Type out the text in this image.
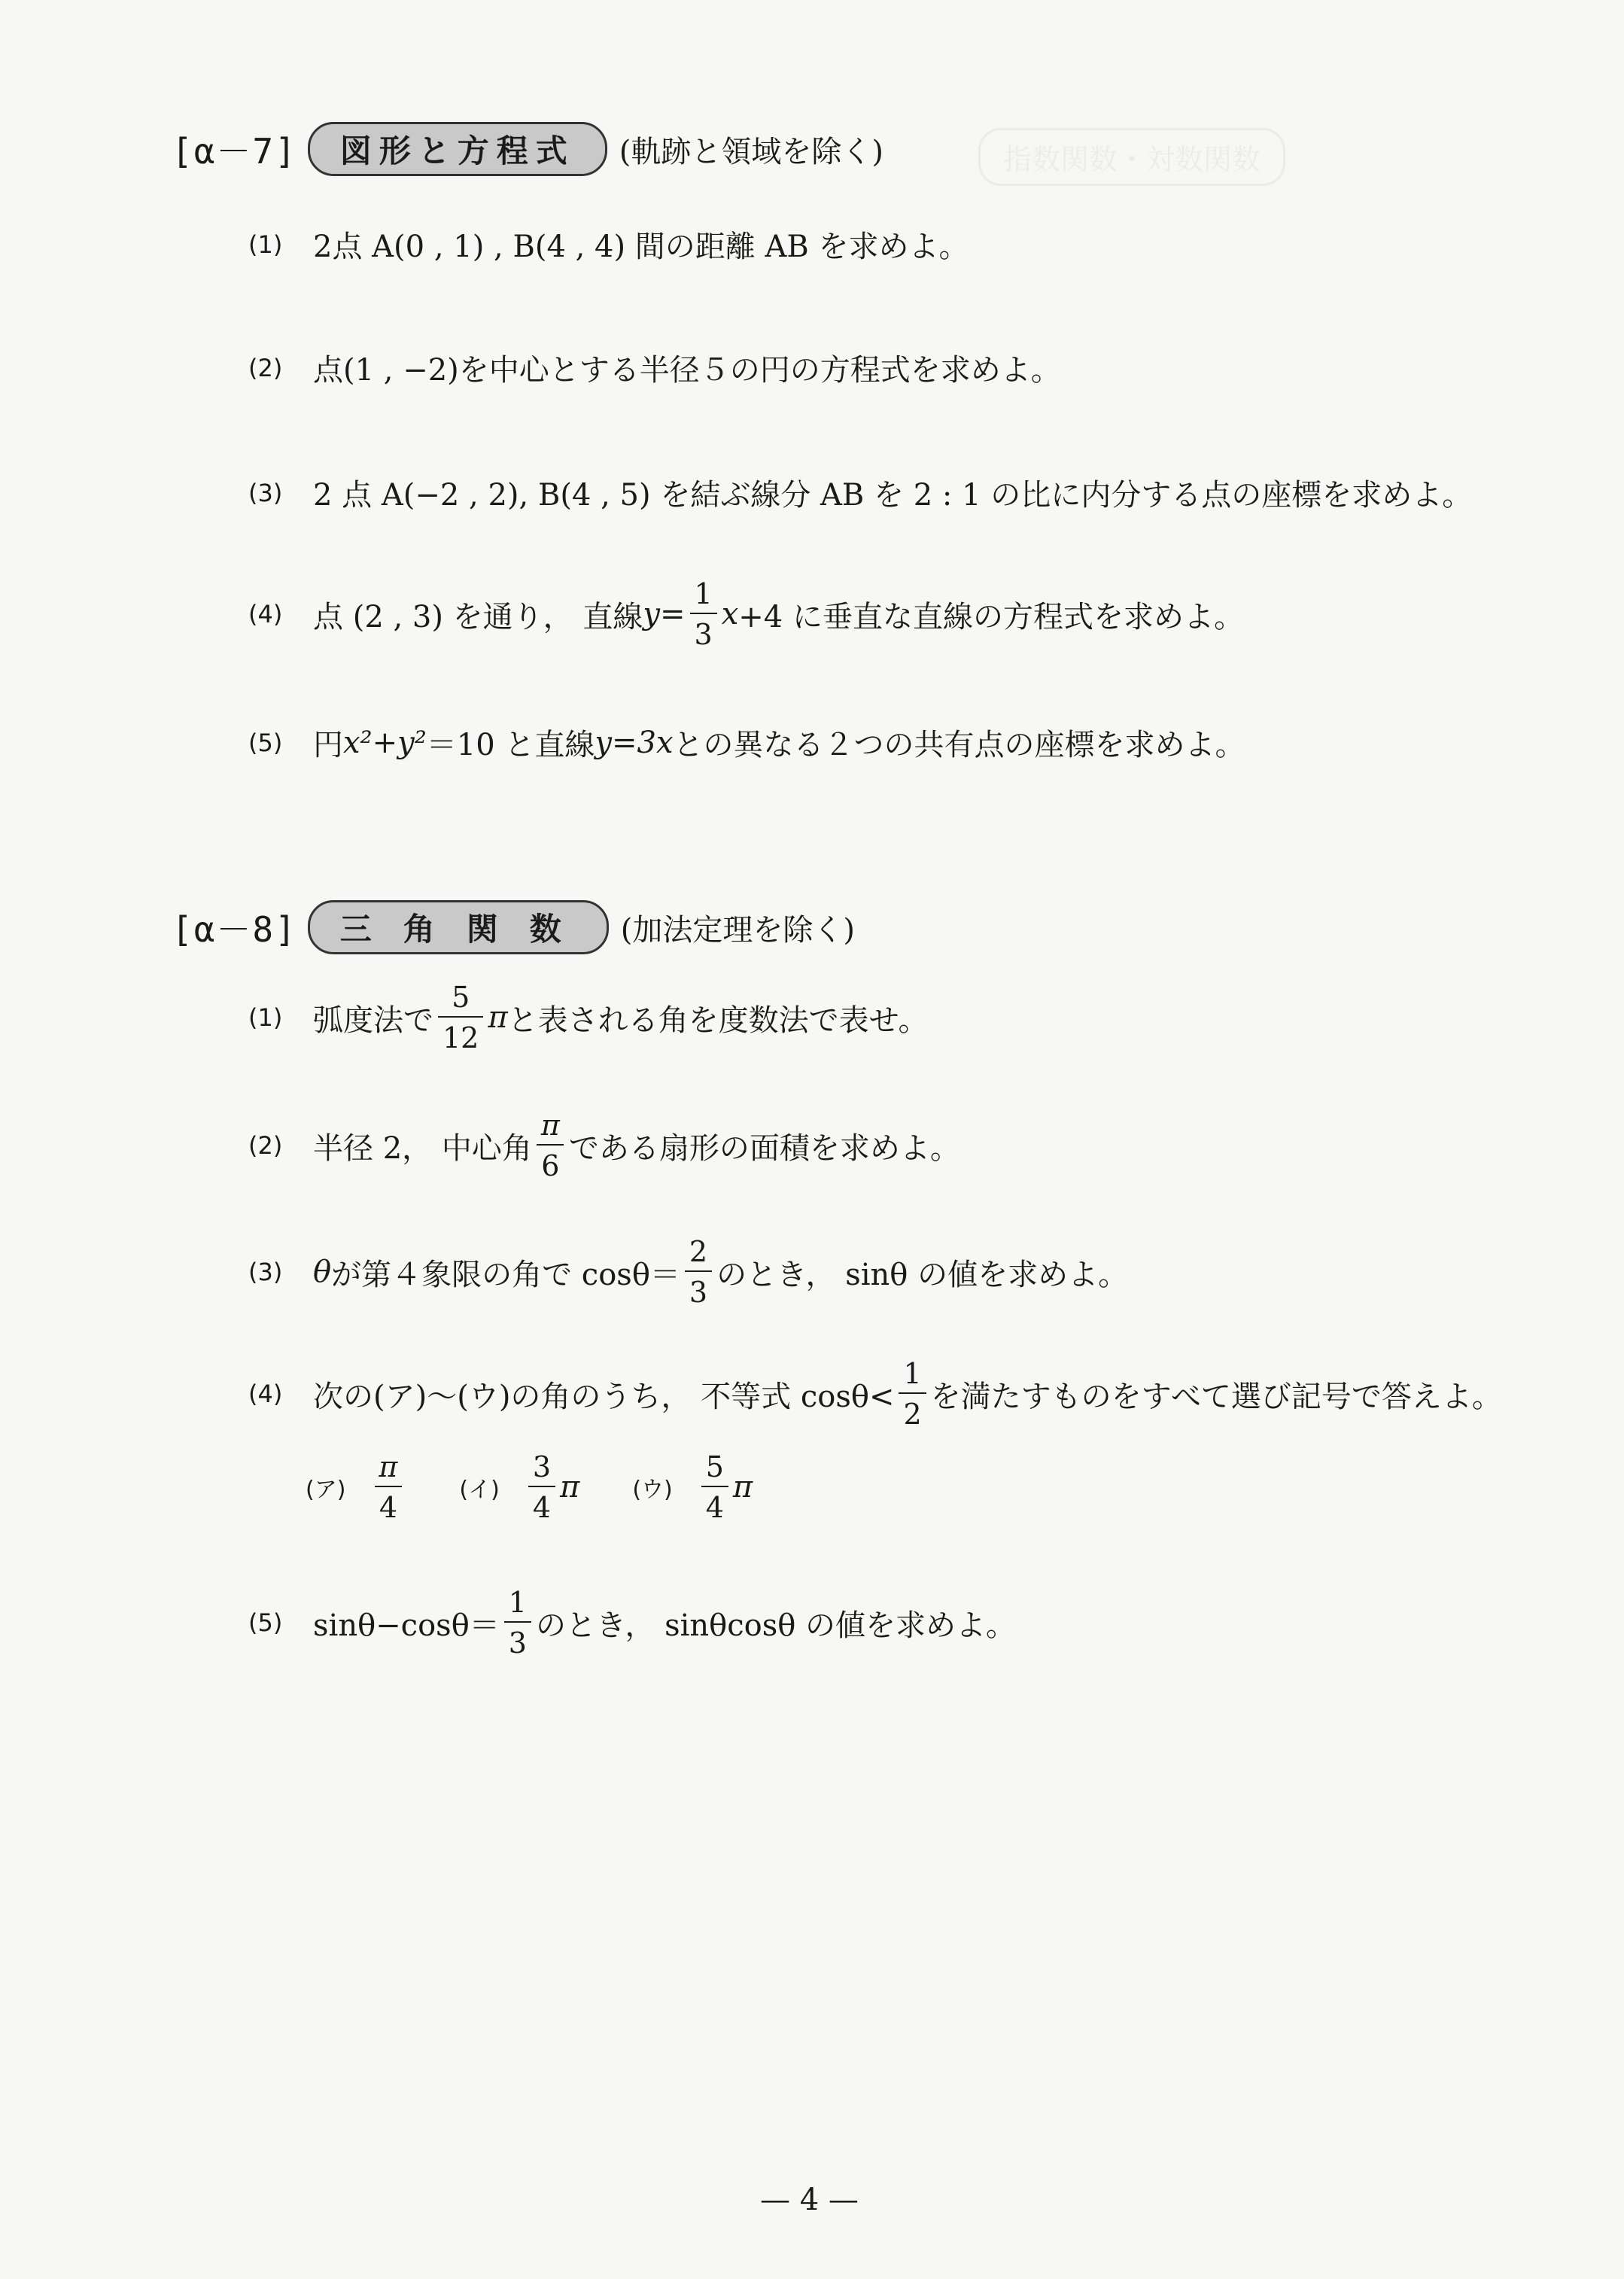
指数関数・対数関数
[α－7]	図形と方程式	(軌跡と領域を除く)
(1)	2点 A(0 , 1) , B(4 , 4) 間の距離 AB を求めよ。
(2)	点(1 , −2)を中心とする半径５の円の方程式を求めよ。
(3)	2 点 A(−2 , 2), B(4 , 5) を結ぶ線分 AB を 2 : 1 の比に内分する点の座標を求めよ。
(4)	点 (2 , 3) を通り， 直線 $y = \frac{1}{3}$ x +4 に垂直な直線の方程式を求めよ。
(5)	円 x²+y² ＝10 と直線 y=3x との異なる２つの共有点の座標を求めよ。
[α－8]	三角関数 (加法定理を除く)
(1)	弧度法で $\frac{5}{12}$ π と表される角を度数法で表せ。
(2)	半径 2， 中心角 $\frac{\pi}{6}$ である扇形の面積を求めよ。
(3)	θ が第４象限の角で $\cos \theta= \frac{2}{3}$ のとき， sinθ の値を求めよ。
(4)	次の(ア)〜(ウ)の角のうち， 不等式 $\cos\theta< \frac{1}{2}$ を満たすものをすべて選び記号で答えよ。
(ア) $\frac{\pi}{4}$	(イ) $\frac{3}{4}$ π (ウ) $\frac{5}{4}$ π
(5)	$\sin\theta-\cos\theta= \frac{1}{3}$ のとき， sinθcosθ の値を求めよ。
— 4 —
